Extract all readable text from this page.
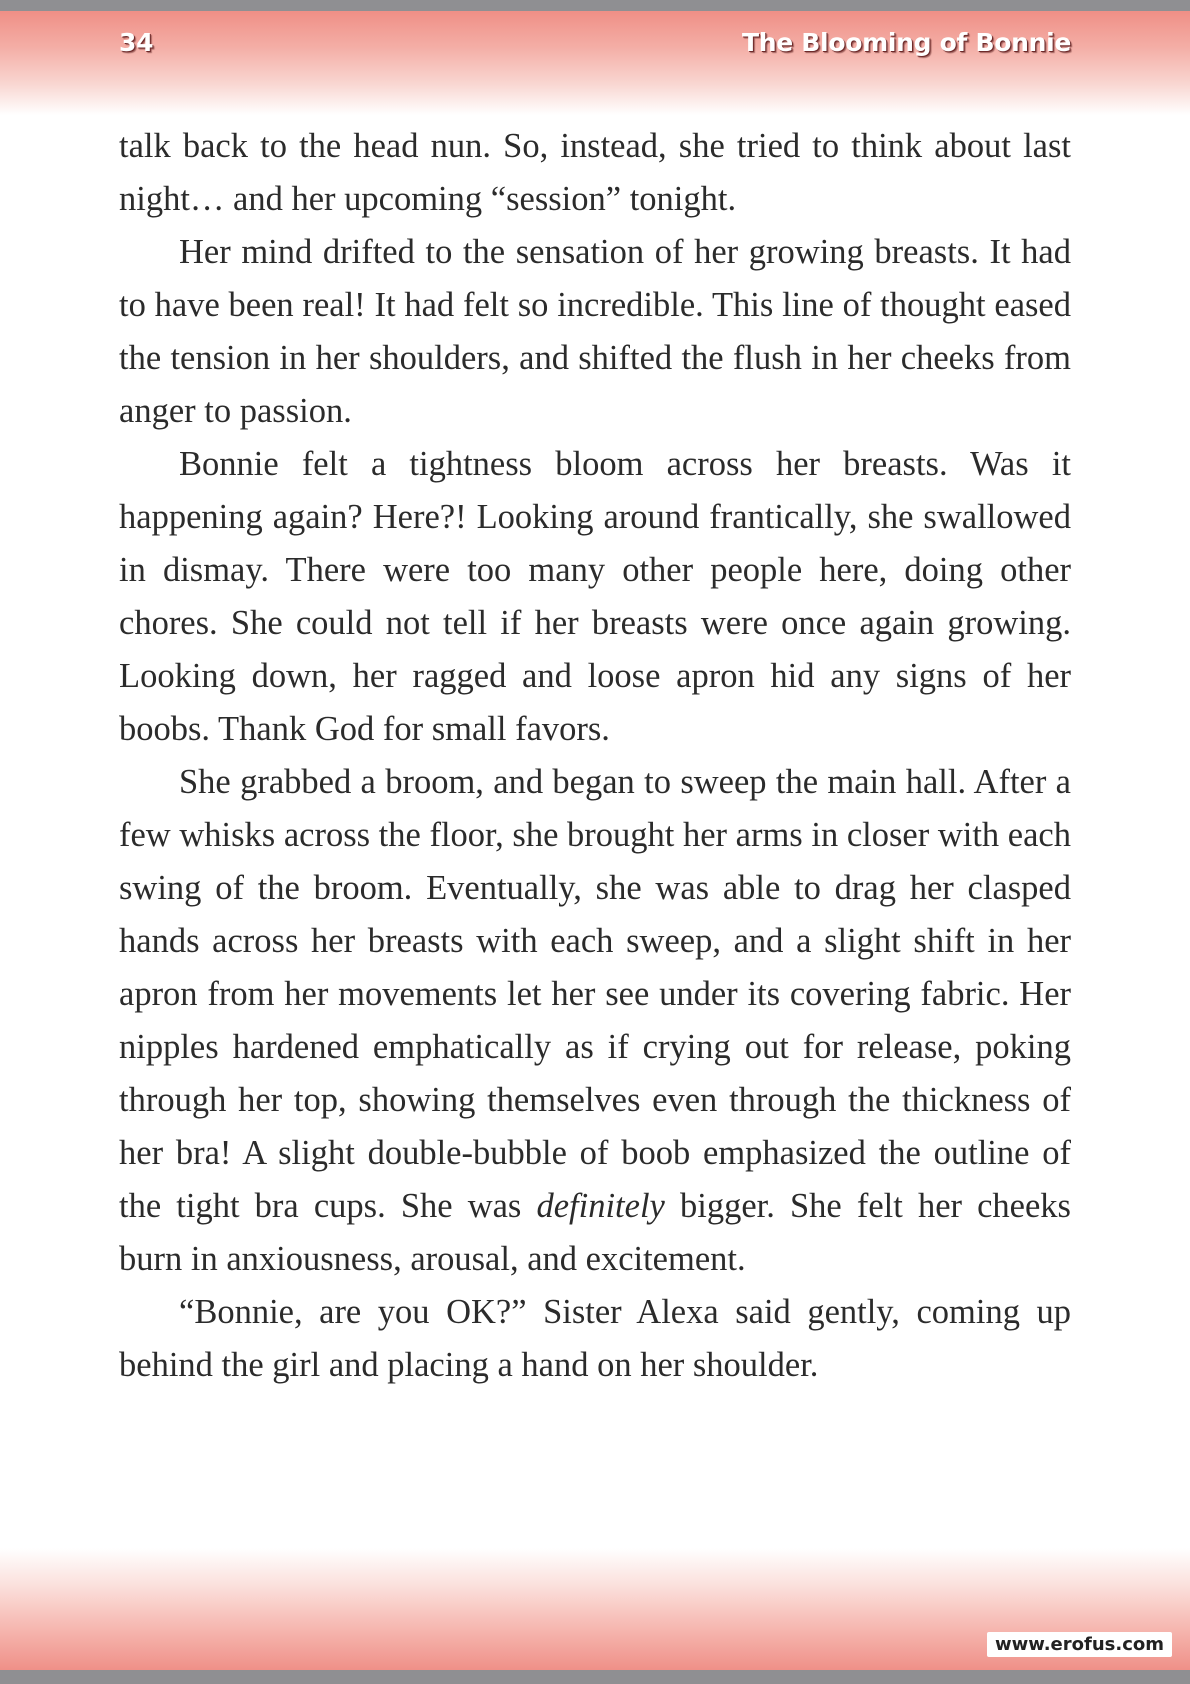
34	The Blooming of Bonnie

talk back to the head nun. So, instead, she tried to think about last night… and her upcoming “session” tonight.

Her mind drifted to the sensation of her growing breasts. It had to have been real! It had felt so incredible. This line of thought eased the tension in her shoulders, and shifted the flush in her cheeks from anger to passion.

Bonnie felt a tightness bloom across her breasts. Was it happening again? Here?! Looking around frantically, she swallowed in dismay. There were too many other people here, doing other chores. She could not tell if her breasts were once again growing. Looking down, her ragged and loose apron hid any signs of her boobs. Thank God for small favors.

She grabbed a broom, and began to sweep the main hall. After a few whisks across the floor, she brought her arms in closer with each swing of the broom. Eventually, she was able to drag her clasped hands across her breasts with each sweep, and a slight shift in her apron from her movements let her see under its covering fabric. Her nipples hardened emphatically as if crying out for release, poking through her top, showing themselves even through the thickness of her bra! A slight double-bubble of boob emphasized the outline of the tight bra cups. She was definitely bigger. She felt her cheeks burn in anxiousness, arousal, and excitement.

“Bonnie, are you OK?” Sister Alexa said gently, coming up behind the girl and placing a hand on her shoulder.

www.erofus.com
